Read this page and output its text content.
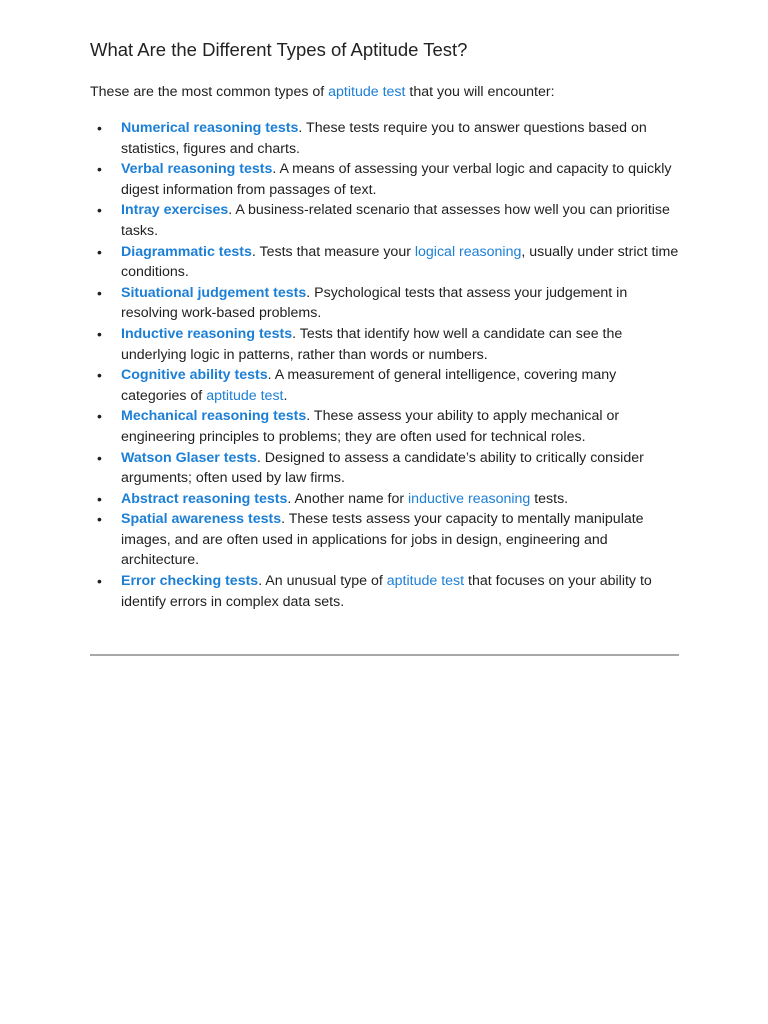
What Are the Different Types of Aptitude Test?

These are the most common types of aptitude test that you will encounter:

• Numerical reasoning tests. These tests require you to answer questions based on statistics, figures and charts.
• Verbal reasoning tests. A means of assessing your verbal logic and capacity to quickly digest information from passages of text.
• Intray exercises. A business-related scenario that assesses how well you can prioritise tasks.
• Diagrammatic tests. Tests that measure your logical reasoning, usually under strict time conditions.
• Situational judgement tests. Psychological tests that assess your judgement in resolving work-based problems.
• Inductive reasoning tests. Tests that identify how well a candidate can see the underlying logic in patterns, rather than words or numbers.
• Cognitive ability tests. A measurement of general intelligence, covering many categories of aptitude test.
• Mechanical reasoning tests. These assess your ability to apply mechanical or engineering principles to problems; they are often used for technical roles.
• Watson Glaser tests. Designed to assess a candidate’s ability to critically consider arguments; often used by law firms.
• Abstract reasoning tests. Another name for inductive reasoning tests.
• Spatial awareness tests. These tests assess your capacity to mentally manipulate images, and are often used in applications for jobs in design, engineering and architecture.
• Error checking tests. An unusual type of aptitude test that focuses on your ability to identify errors in complex data sets.
